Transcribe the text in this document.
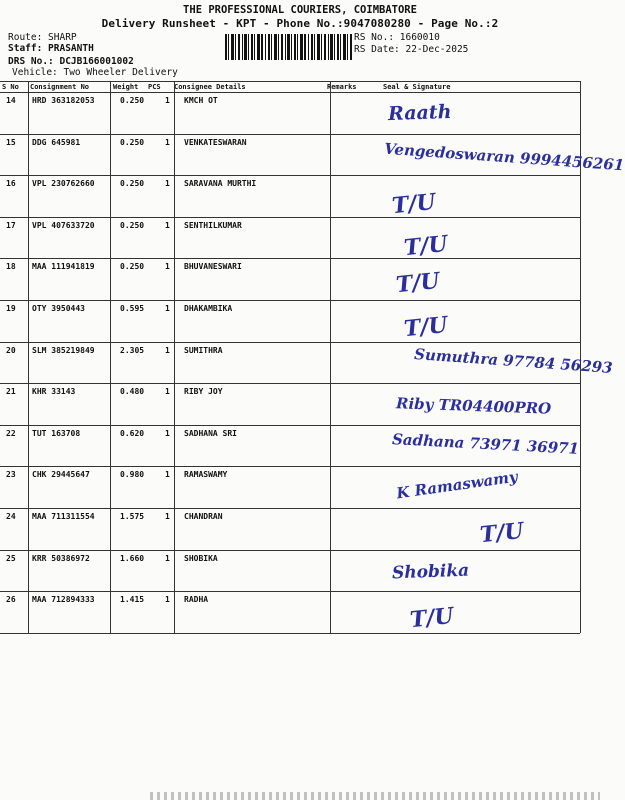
THE PROFESSIONAL COURIERS, COIMBATORE
Delivery Runsheet - KPT - Phone No.:9047080280 - Page No.:2
Route: SHARP
Staff: PRASANTH
DRS No.: DCJB166001002
Vehicle: Two Wheeler Delivery
RS No.: 1660010
RS Date: 22-Dec-2025
S No Consignment No	Weight PCS Consignee Details	Remarks	Seal & Signature
14 HRD 363182053	0.250	1 KMCH OT
Raath
15 DDG 645981	0.250	1 VENKATESWARAN	Vengedoswaran 9994456261
16 VPL 230762660	0.250	1 SARAVANA MURTHI
T/U
17 VPL 407633720	0.250	1 SENTHILKUMAR
T/U
18 MAA 111941819	0.250	1 BHUVANESWARI
T/U
19 OTY 3950443	0.595	1 DHAKAMBIKA
T/U
20 SLM 385219849	2.305	1 SUMITHRA	Sumuthra 97784 56293
21 KHR 33143	0.480	1 RIBY JOY
Riby TR04400PRO
22 TUT 163708	0.620	1 SADHANA SRI	Sadhana 73971 36971
23 CHK 29445647	0.980	1 RAMASWAMY	K Ramaswamy
24 MAA 711311554	1.575	1 CHANDRAN
T/U
25 KRR 50386972	1.660	1 SHOBIKA
Shobika
26 MAA 712894333	1.415	1 RADHA
T/U
